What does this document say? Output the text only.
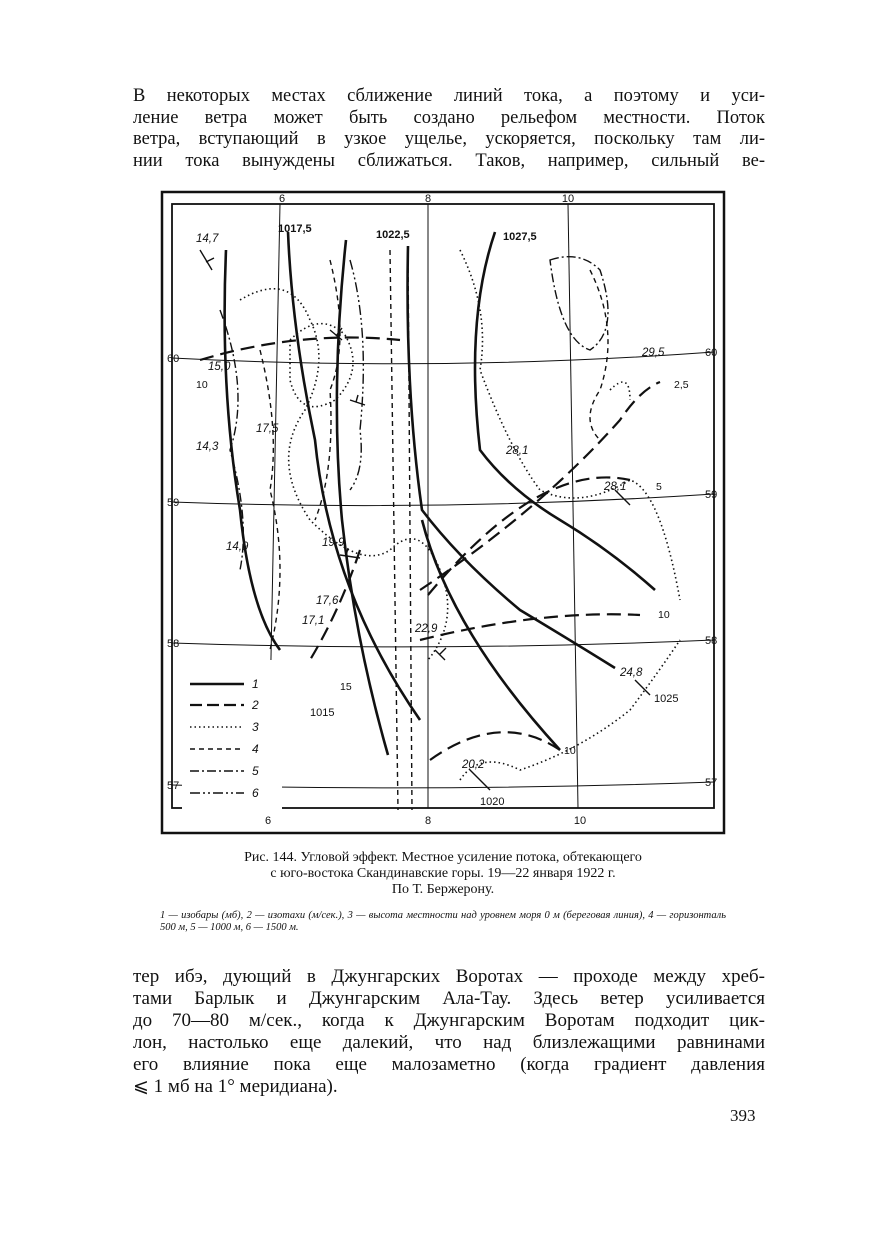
В некоторых местах сближение линий тока, а поэтому и уси-
ление ветра может быть создано рельефом местности. Поток
ветра, вступающий в узкое ущелье, ускоряется, поскольку там ли-
нии тока вынуждены сближаться. Таков, например, сильный ве-
6	8	10
6	8	10
60
59
58
57
60
59
58
57
1017,5	1022,5	1027,5
1015
1025
1020
14,7
15,0
17,5
14,3
14,9	19,9
17,6
17,1
22,9
28,1
28,1
24,8
20,2
29,5
10	2,5
5
15
10
10
1
2
3
4
5
6
Рис. 144. Угловой эффект. Местное усиление потока, обтекающего
с юго-востока Скандинавские горы. 19—22 января 1922 г.
По Т. Бержерону.
1 — изобары (мб), 2 — изотахи (м/сек.), 3 — высота местности над уровнем моря 0 м (береговая линия), 4 — горизонталь 500 м, 5 — 1000 м, 6 — 1500 м.
тер ибэ, дующий в Джунгарских Воротах — проходе между хреб-
тами Барлык и Джунгарским Ала-Тау. Здесь ветер усиливается
до 70—80 м/сек., когда к Джунгарским Воротам подходит цик-
лон, настолько еще далекий, что над близлежащими равнинами
его влияние пока еще малозаметно (когда градиент давления
⩽ 1 мб на 1° меридиана).
393
